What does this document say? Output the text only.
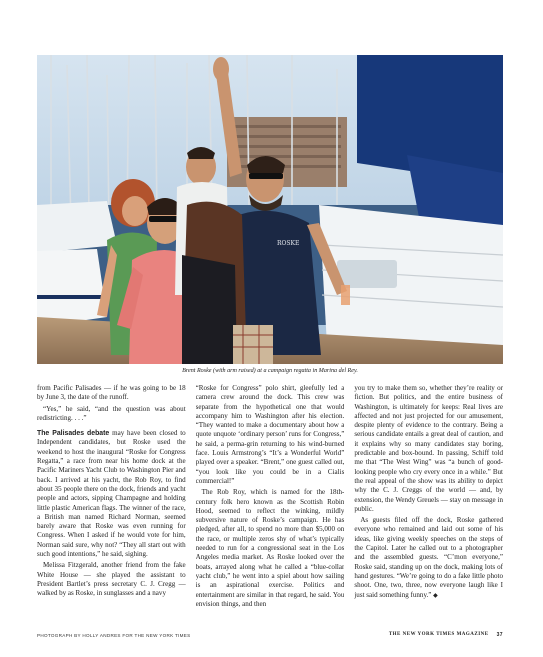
ROSKE
Brent Roske (with arm raised) at a campaign regatta in Marina del Rey.

from Pacific Palisades — if he was going to be 18 by June 3, the date of the runoff.

“Yes,” he said, “and the question was about redistricting. . . .”

The Palisades debate may have been closed to Independent candidates, but Roske used the weekend to host the inaugural “Roske for Congress Regatta,” a race from near his home dock at the Pacific Mariners Yacht Club to Washington Pier and back. I arrived at his yacht, the Rob Roy, to find about 35 people there on the dock, friends and yacht people and actors, sipping Champagne and holding little plastic American flags. The winner of the race, a British man named Richard Norman, seemed barely aware that Roske was even running for Congress. When I asked if he would vote for him, Norman said sure, why not? “They all start out with such good intentions,” he said, sighing.

Melissa Fitzgerald, another friend from the fake White House — she played the assistant to President Bartlet’s press secretary C. J. Cregg — walked by as Roske, in sunglasses and a navy

“Roske for Congress” polo shirt, gleefully led a camera crew around the dock. This crew was separate from the hypothetical one that would accompany him to Washington after his election. “They wanted to make a documentary about how a quote unquote ‘ordinary person’ runs for Congress,” he said, a perma-grin returning to his wind-burned face. Louis Armstrong’s “It’s a Wonderful World” played over a speaker. “Brent,” one guest called out, “you look like you could be in a Cialis commercial!”

The Rob Roy, which is named for the 18th-century folk hero known as the Scottish Robin Hood, seemed to reflect the winking, mildly subversive nature of Roske’s campaign. He has pledged, after all, to spend no more than $5,000 on the race, or multiple zeros shy of what’s typically needed to run for a congressional seat in the Los Angeles media market. As Roske looked over the boats, arrayed along what he called a “blue-collar yacht club,” he went into a spiel about how sailing is an aspirational exercise. Politics and entertainment are similar in that regard, he said. You envision things, and then

you try to make them so, whether they’re reality or fiction. But politics, and the entire business of Washington, is ultimately for keeps: Real lives are affected and not just projected for our amusement, despite plenty of evidence to the contrary. Being a serious candidate entails a great deal of caution, and it explains why so many candidates stay boring, predictable and box-bound. In passing, Schiff told me that “The West Wing” was “a bunch of good-looking people who cry every once in a while.” But the real appeal of the show was its ability to depict why the C. J. Creggs of the world — and, by extension, the Wendy Greuels — stay on message in public.

As guests filed off the dock, Roske gathered everyone who remained and laid out some of his ideas, like giving weekly speeches on the steps of the Capitol. Later he called out to a photographer and the assembled guests. “C’mon everyone,” Roske said, standing up on the dock, making lots of hand gestures. “We’re going to do a fake little photo shoot. One, two, three, now everyone laugh like I just said something funny.” ◆

PHOTOGRAPH BY HOLLY ANDRES FOR THE NEW YORK TIMES	THE NEW YORK TIMES MAGAZINE 37
